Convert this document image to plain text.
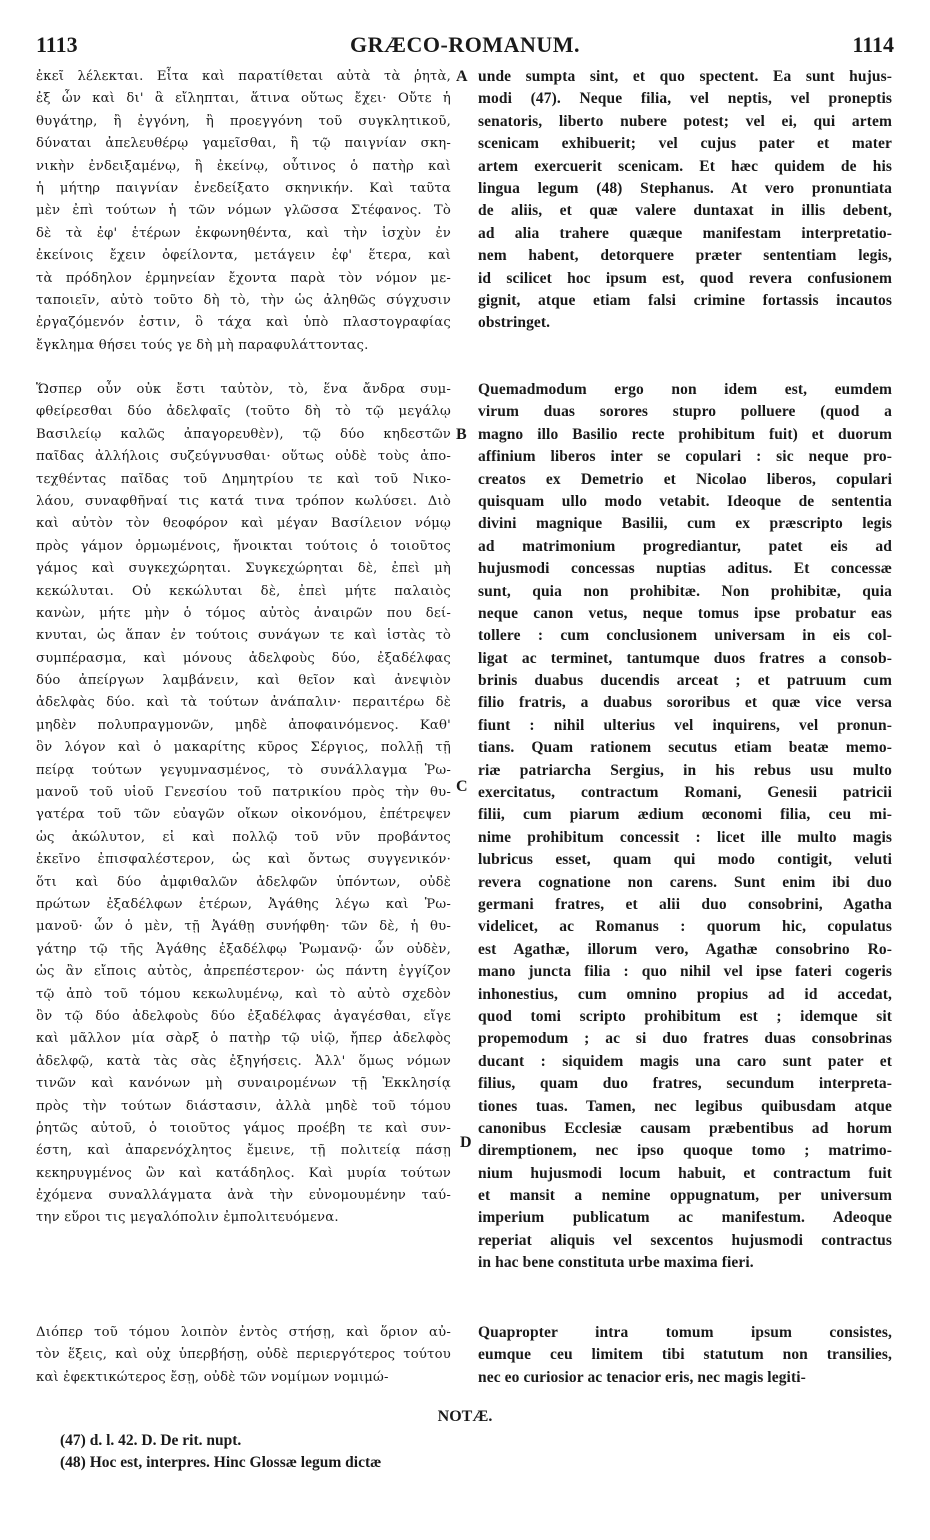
1113	GRÆCO-ROMANUM.	1114
ἐκεῖ λέλεκται. Εἶτα καὶ παρατίθεται αὐτὰ τὰ ῥητὰ,
ἐξ ὧν καὶ δι' ἃ εἴληπται, ἅτινα οὕτως ἔχει· Οὔτε ἡ
θυγάτηρ, ἢ ἐγγόνη, ἢ προεγγόνη τοῦ συγκλητικοῦ,
δύναται ἀπελευθέρῳ γαμεῖσθαι, ἢ τῷ παιγνίαν σκη-
νικὴν ἐνδειξαμένῳ, ἢ ἐκείνῳ, οὗτινος ὁ πατὴρ καὶ
ἡ μήτηρ παιγνίαν ἐνεδείξατο σκηνικήν. Καὶ ταῦτα
μὲν ἐπὶ τούτων ἡ τῶν νόμων γλῶσσα Στέφανος. Τὸ
δὲ τὰ ἐφ' ἑτέρων ἐκφωνηθέντα, καὶ τὴν ἰσχὺν ἐν
ἐκείνοις ἔχειν ὀφείλοντα, μετάγειν ἐφ' ἕτερα, καὶ
τὰ πρόδηλον ἑρμηνείαν ἔχοντα παρὰ τὸν νόμον με-
ταποιεῖν, αὐτὸ τοῦτο δὴ τὸ, τὴν ὡς ἀληθῶς σύγχυσιν
ἐργαζόμενόν ἐστιν, ὃ τάχα καὶ ὑπὸ πλαστογραφίας
ἔγκλημα θήσει τούς γε δὴ μὴ παραφυλάττοντας.
Ὥσπερ οὖν οὐκ ἔστι ταὐτὸν, τὸ, ἕνα ἄνδρα συμ-
φθείρεσθαι δύο ἀδελφαῖς (τοῦτο δὴ τὸ τῷ μεγάλῳ
Βασιλείῳ καλῶς ἀπαγορευθὲν), τῷ δύο κηδεστῶν
παῖδας ἀλλήλοις συζεύγνυσθαι· οὕτως οὐδὲ τοὺς ἀπο-
τεχθέντας παῖδας τοῦ Δημητρίου τε καὶ τοῦ Νικο-
λάου, συναφθῆναί τις κατά τινα τρόπον κωλύσει. Διὸ
καὶ αὐτὸν τὸν θεοφόρον καὶ μέγαν Βασίλειον νόμῳ
πρὸς γάμον ὁρμωμένοις, ἤνοικται τούτοις ὁ τοιοῦτος
γάμος καὶ συγκεχώρηται. Συγκεχώρηται δὲ, ἐπεὶ μὴ
κεκώλυται. Οὐ κεκώλυται δὲ, ἐπεὶ μήτε παλαιὸς
κανὼν, μήτε μὴν ὁ τόμος αὐτὸς ἀναιρῶν που δεί-
κνυται, ὡς ἅπαν ἐν τούτοις συνάγων τε καὶ ἱστὰς τὸ
συμπέρασμα, καὶ μόνους ἀδελφοὺς δύο, ἐξαδέλφας
δύο ἀπείργων λαμβάνειν, καὶ θεῖον καὶ ἀνεψιὸν
ἀδελφὰς δύο. καὶ τὰ τούτων ἀνάπαλιν· περαιτέρω δὲ
μηδὲν πολυπραγμονῶν, μηδὲ ἀποφαινόμενος. Καθ'
ὃν λόγον καὶ ὁ μακαρίτης κῦρος Σέργιος, πολλῇ τῇ
πείρᾳ τούτων γεγυμνασμένος, τὸ συνάλλαγμα Ῥω-
μανοῦ τοῦ υἱοῦ Γενεσίου τοῦ πατρικίου πρὸς τὴν θυ-
γατέρα τοῦ τῶν εὐαγῶν οἴκων οἰκονόμου, ἐπέτρεψεν
ὡς ἀκώλυτον, εἰ καὶ πολλῷ τοῦ νῦν προβάντος
ἐκεῖνο ἐπισφαλέστερον, ὡς καὶ ὄντως συγγενικόν·
ὅτι καὶ δύο ἀμφιθαλῶν ἀδελφῶν ὑπόντων, οὐδὲ
πρώτων ἐξαδέλφων ἑτέρων, Ἀγάθης λέγω καὶ Ῥω-
μανοῦ· ὧν ὁ μὲν, τῇ Ἀγάθῃ συνήφθη· τῶν δὲ, ἡ θυ-
γάτηρ τῷ τῆς Ἀγάθης ἐξαδέλφῳ Ῥωμανῷ· ὧν οὐδὲν,
ὡς ἂν εἴποις αὐτὸς, ἀπρεπέστερον· ὡς πάντη ἐγγίζον
τῷ ἀπὸ τοῦ τόμου κεκωλυμένῳ, καὶ τὸ αὐτὸ σχεδὸν
ὂν τῷ δύο ἀδελφοὺς δύο ἐξαδέλφας ἀγαγέσθαι, εἴγε
καὶ μᾶλλον μία σὰρξ ὁ πατὴρ τῷ υἱῷ, ἤπερ ἀδελφὸς
ἀδελφῷ, κατὰ τὰς σὰς ἐξηγήσεις. Ἀλλ' ὅμως νόμων
τινῶν καὶ κανόνων μὴ συναιρομένων τῇ Ἐκκλησίᾳ
πρὸς τὴν τούτων διάστασιν, ἀλλὰ μηδὲ τοῦ τόμου
ῥητῶς αὐτοῦ, ὁ τοιοῦτος γάμος προέβη τε καὶ συν-
έστη, καὶ ἀπαρενόχλητος ἔμεινε, τῇ πολιτείᾳ πάσῃ
κεκηρυγμένος ὢν καὶ κατάδηλος. Καὶ μυρία τούτων
ἐχόμενα συναλλάγματα ἀνὰ τὴν εὐνομουμένην ταύ-
την εὕροι τις μεγαλόπολιν ἐμπολιτευόμενα.
Διόπερ τοῦ τόμου λοιπὸν ἐντὸς στήσῃ, καὶ ὅριον αὐ-
τὸν ἕξεις, καὶ οὐχ ὑπερβήσῃ, οὐδὲ περιεργότερος τούτου
καὶ ἐφεκτικώτερος ἔσῃ, οὐδὲ τῶν νομίμων νομιμώ-
unde sumpta sint, et quo spectent. Ea sunt hujus-
modi (47). Neque filia, vel neptis, vel proneptis
senatoris, liberto nubere potest; vel ei, qui artem
scenicam exhibuerit; vel cujus pater et mater
artem exercuerit scenicam. Et hæc quidem de his
lingua legum (48) Stephanus. At vero pronuntiata
de aliis, et quæ valere duntaxat in illis debent,
ad alia trahere quæque manifestam interpretatio-
nem habent, detorquere præter sententiam legis,
id scilicet hoc ipsum est, quod revera confusionem
gignit, atque etiam falsi crimine fortassis incautos
obstringet.
Quemadmodum ergo non idem est, eumdem
virum duas sorores stupro polluere (quod a
magno illo Basilio recte prohibitum fuit) et duorum
affinium liberos inter se copulari : sic neque pro-
creatos ex Demetrio et Nicolao liberos, copulari
quisquam ullo modo vetabit. Ideoque de sententia
divini magnique Basilii, cum ex præscripto legis
ad matrimonium progrediantur, patet eis ad
hujusmodi concessas nuptias aditus. Et concessæ
sunt, quia non prohibitæ. Non prohibitæ, quia
neque canon vetus, neque tomus ipse probatur eas
tollere : cum conclusionem universam in eis col-
ligat ac terminet, tantumque duos fratres a consob-
brinis duabus ducendis arceat ; et patruum cum
filio fratris, a duabus sororibus et quæ vice versa
fiunt : nihil ulterius vel inquirens, vel pronun-
tians. Quam rationem secutus etiam beatæ memo-
riæ patriarcha Sergius, in his rebus usu multo
exercitatus, contractum Romani, Genesii patricii
filii, cum piarum ædium œconomi filia, ceu mi-
nime prohibitum concessit : licet ille multo magis
lubricus esset, quam qui modo contigit, veluti
revera cognatione non carens. Sunt enim ibi duo
germani fratres, et alii duo consobrini, Agatha
videlicet, ac Romanus : quorum hic, copulatus
est Agathæ, illorum vero, Agathæ consobrino Ro-
mano juncta filia : quo nihil vel ipse fateri cogeris
inhonestius, cum omnino propius ad id accedat,
quod tomi scripto prohibitum est ; idemque sit
propemodum ; ac si duo fratres duas consobrinas
ducant : siquidem magis una caro sunt pater et
filius, quam duo fratres, secundum interpreta-
tiones tuas. Tamen, nec legibus quibusdam atque
canonibus Ecclesiæ causam præbentibus ad horum
diremptionem, nec ipso quoque tomo ; matrimo-
nium hujusmodi locum habuit, et contractum fuit
et mansit a nemine oppugnatum, per universum
imperium publicatum ac manifestum. Adeoque
reperiat aliquis vel sexcentos hujusmodi contractus
in hac bene constituta urbe maxima fieri.
Quapropter intra tomum ipsum consistes,
eumque ceu limitem tibi statutum non transilies,
nec eo curiosior ac tenacior eris, nec magis legiti-
A
B
C
D
NOTÆ.
(47) d. l. 42. D. De rit. nupt.
(48) Hoc est, interpres. Hinc Glossæ legum dictæ
